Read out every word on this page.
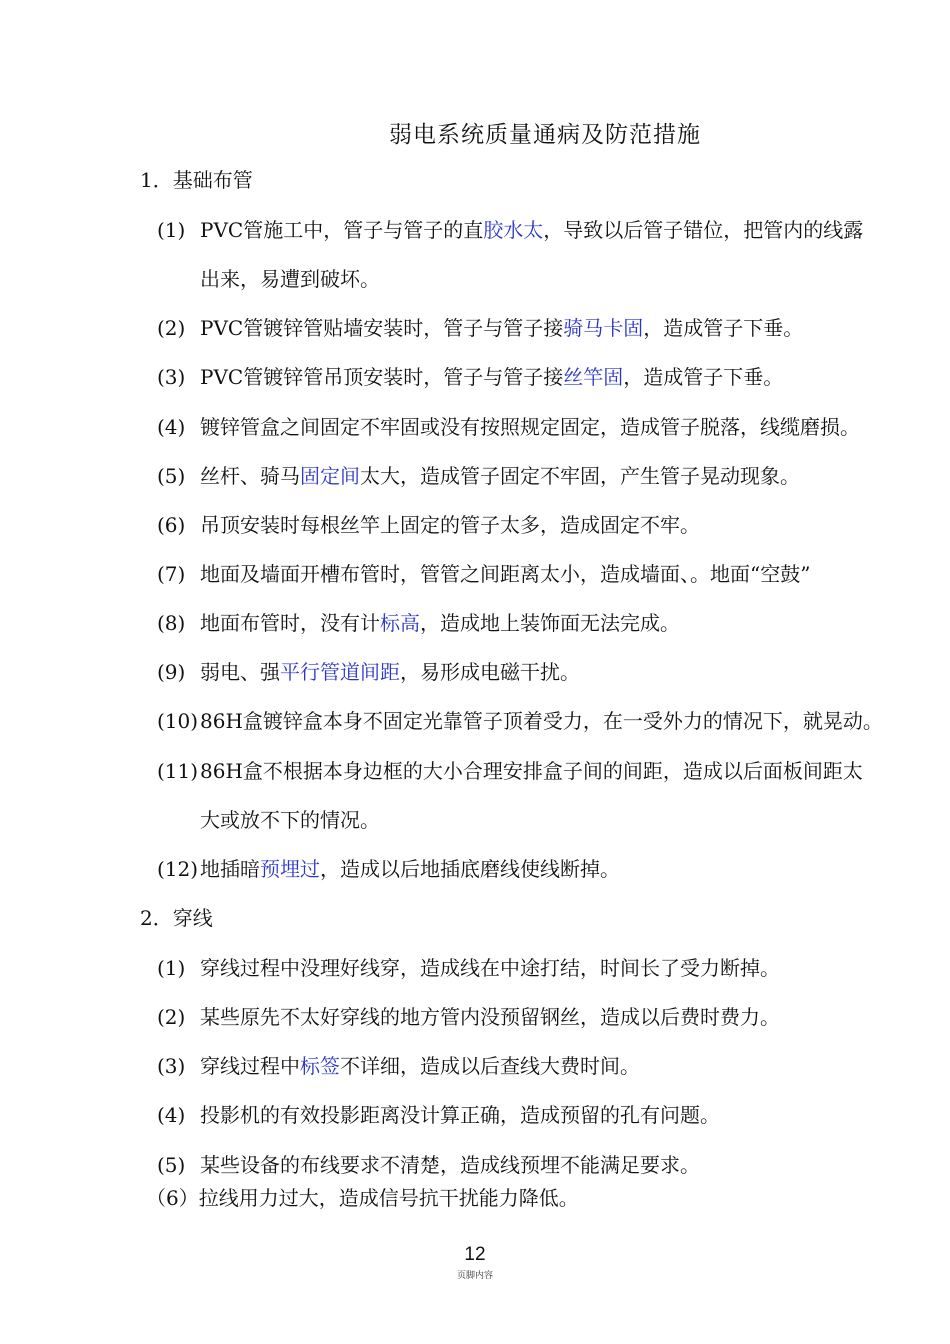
弱电系统质量通病及防范措施
1．基础布管
(1) PVC管施工中，管子与管子的直胶水太，导致以后管子错位，把管内的线露
出来，易遭到破坏。
(2) PVC管镀锌管贴墙安装时，管子与管子接骑马卡固，造成管子下垂。
(3) PVC管镀锌管吊顶安装时，管子与管子接丝竿固，造成管子下垂。
(4) 镀锌管盒之间固定不牢固或没有按照规定固定，造成管子脱落，线缆磨损。
(5) 丝杆、骑马固定间太大，造成管子固定不牢固，产生管子晃动现象。
(6) 吊顶安装时每根丝竿上固定的管子太多，造成固定不牢。
(7) 地面及墙面开槽布管时，管管之间距离太小，造成墙面、。地面“空鼓”
(8) 地面布管时，没有计标高，造成地上装饰面无法完成。
(9) 弱电、强平行管道间距，易形成电磁干扰。
(10)86H盒镀锌盒本身不固定光靠管子顶着受力，在一受外力的情况下，就晃动。
(11)86H盒不根据本身边框的大小合理安排盒子间的间距，造成以后面板间距太
大或放不下的情况。
(12)地插暗预埋过，造成以后地插底磨线使线断掉。
2．穿线
(1) 穿线过程中没理好线穿，造成线在中途打结，时间长了受力断掉。
(2) 某些原先不太好穿线的地方管内没预留钢丝，造成以后费时费力。
(3) 穿线过程中标签不详细，造成以后查线大费时间。
(4) 投影机的有效投影距离没计算正确，造成预留的孔有问题。
(5) 某些设备的布线要求不清楚，造成线预埋不能满足要求。
（6）拉线用力过大，造成信号抗干扰能力降低。
12
页脚内容
